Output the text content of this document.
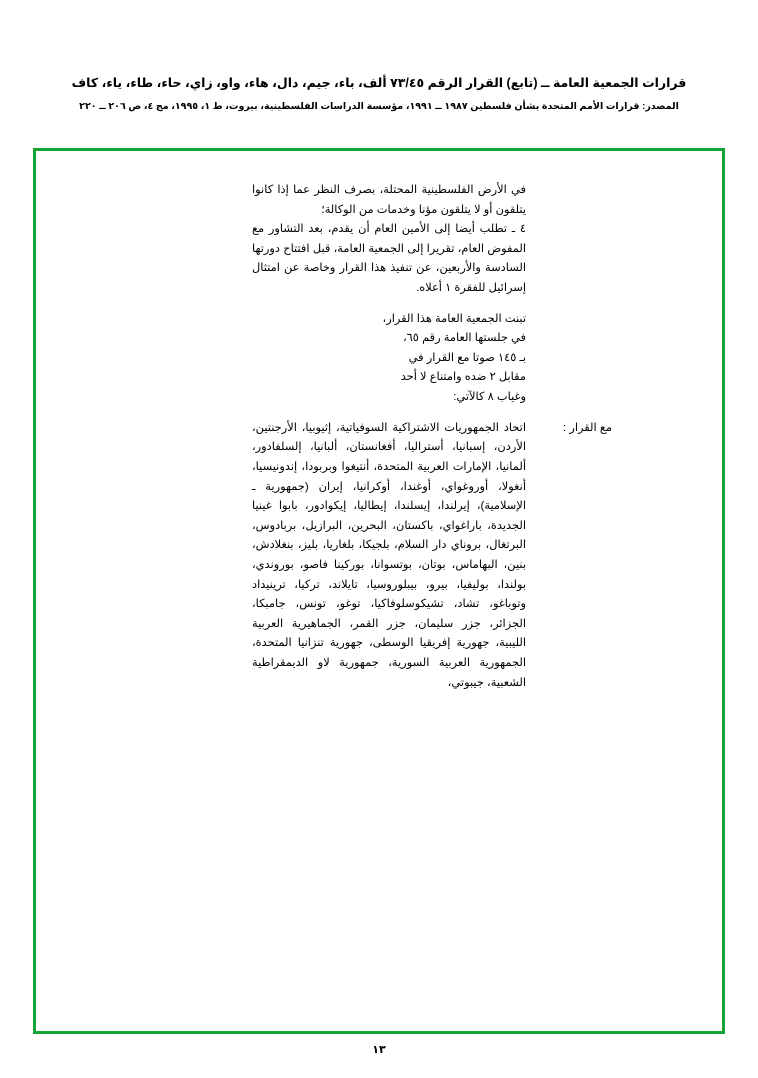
قرارات الجمعية العامة ــ (تابع) القرار الرقم ٧٣/٤٥ ألف، باء، جيم، دال، هاء، واو، زاي، حاء، طاء، ياء، كاف
المصدر: قرارات الأمم المتحدة بشأن فلسطين ١٩٨٧ ــ ١٩٩١، مؤسسة الدراسات الفلسطينية، بيروت، ط ١، ١٩٩٥، مج ٤، ص ٢٠٦ ــ ٢٢٠

في الأرض الفلسطينية المحتلة، بصرف النظر عما إذا كانوا يتلقون أو لا يتلقون مؤنا وخدمات من الوكالة؛

٤ ـ تطلب أيضا إلى الأمين العام أن يقدم، بعد التشاور مع المفوض العام، تقريرا إلى الجمعية العامة، قبل افتتاح دورتها السادسة والأربعين، عن تنفيذ هذا القرار وخاصة عن امتثال إسرائيل للفقرة ١ أعلاه.

تبنت الجمعية العامة هذا القرار،
في جلستها العامة رقم ٦٥،
بـ ١٤٥ صوتا مع القرار في
مقابل ٢ ضده وامتناع لا أحد
وغياب ٨ كالآتي:
مع القرار :
اتحاد الجمهوريات الاشتراكية السوفياتية، إثيوبيا، الأرجنتين، الأردن، إسبانيا، أستراليا، أفغانستان، ألبانيا، إلسلفادور، ألمانيا، الإمارات العربية المتحدة، أنتيغوا وبربودا، إندونيسيا، أنغولا، أوروغواي، أوغندا، أوكرانيا، إيران (جمهورية ـ الإسلامية)، إيرلندا، إيسلندا، إيطاليا، إيكوادور، بابوا غينيا الجديدة، باراغواي، باكستان، البحرين، البرازيل، بربادوس، البرتغال، بروناي دار السلام، بلجيكا، بلغاريا، بليز، بنغلادش، بنين، البهاماس، بوتان، بوتسوانا، بوركينا فاصو، بوروندي، بولندا، بوليفيا، بيرو، بيبلوروسيا، تايلاند، تركيا، ترينيداد وتوباغو، تشاد، تشيكوسلوفاكيا، توغو، تونس، جامبكا، الجزائر، جزر سليمان، جزر القمر، الجماهيرية العربية الليبية، جهورية إفريقيا الوسطى، جهورية تنزانيا المتحدة، الجمهورية العربية السورية، جمهورية لاو الديمقراطية الشعبية، جيبوتي،
١٣
